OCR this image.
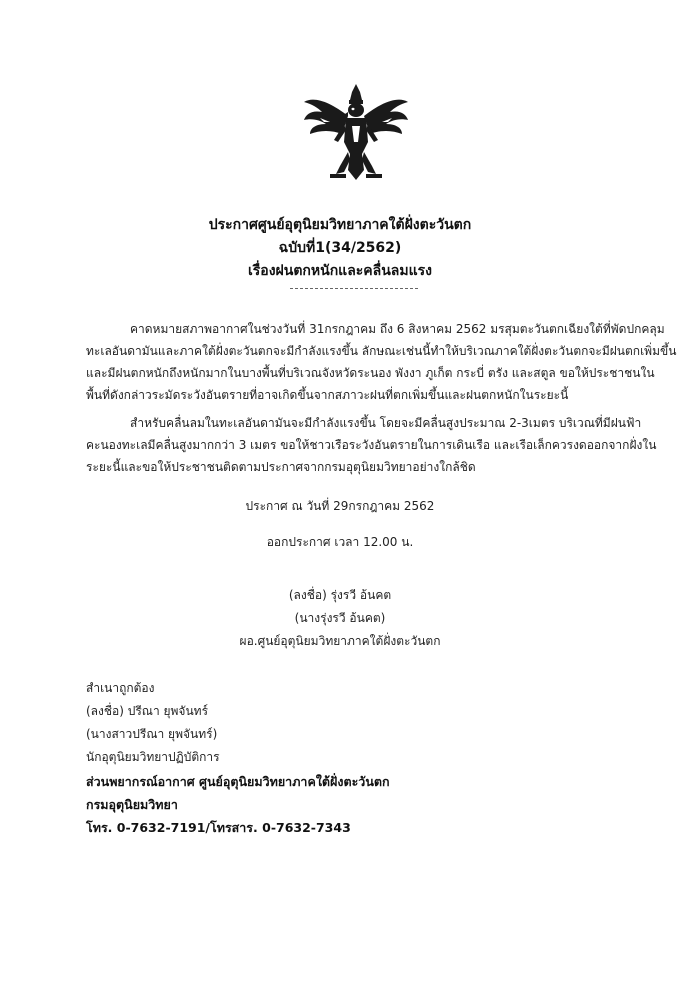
ประกาศศูนย์อุตุนิยมวิทยาภาคใต้ฝั่งตะวันตก
ฉบับที่1(34/2562)
เรื่องฝนตกหนักและคลื่นลมแรง
คาดหมายสภาพอากาศในช่วงวันที่ 31กรกฎาคม ถึง 6 สิงหาคม 2562 มรสุมตะวันตกเฉียงใต้ที่พัดปกคลุม
ทะเลอันดามันและภาคใต้ฝั่งตะวันตกจะมีกำลังแรงขึ้น ลักษณะเช่นนี้ทำให้บริเวณภาคใต้ฝั่งตะวันตกจะมีฝนตกเพิ่มขึ้น
และมีฝนตกหนักถึงหนักมากในบางพื้นที่บริเวณจังหวัดระนอง พังงา ภูเก็ต กระบี่ ตรัง และสตูล ขอให้ประชาชนใน
พื้นที่ดังกล่าวระมัดระวังอันตรายที่อาจเกิดขึ้นจากสภาวะฝนที่ตกเพิ่มขึ้นและฝนตกหนักในระยะนี้
สำหรับคลื่นลมในทะเลอันดามันจะมีกำลังแรงขึ้น โดยจะมีคลื่นสูงประมาณ 2-3เมตร บริเวณที่มีฝนฟ้า
คะนองทะเลมีคลื่นสูงมากกว่า 3 เมตร ขอให้ชาวเรือระวังอันตรายในการเดินเรือ และเรือเล็กควรงดออกจากฝั่งใน
ระยะนี้และขอให้ประชาชนติดตามประกาศจากกรมอุตุนิยมวิทยาอย่างใกล้ชิด
ประกาศ ณ วันที่ 29กรกฎาคม 2562
ออกประกาศ เวลา 12.00 น.
(ลงชื่อ) รุ่งรวี อ้นคต
(นางรุ่งรวี อ้นคต)
ผอ.ศูนย์อุตุนิยมวิทยาภาคใต้ฝั่งตะวันตก
สำเนาถูกต้อง
(ลงชื่อ) ปรีณา ยุพจันทร์
(นางสาวปรีณา ยุพจันทร์)
นักอุตุนิยมวิทยาปฏิบัติการ
ส่วนพยากรณ์อากาศ ศูนย์อุตุนิยมวิทยาภาคใต้ฝั่งตะวันตก
กรมอุตุนิยมวิทยา
โทร. 0-7632-7191/โทรสาร. 0-7632-7343
